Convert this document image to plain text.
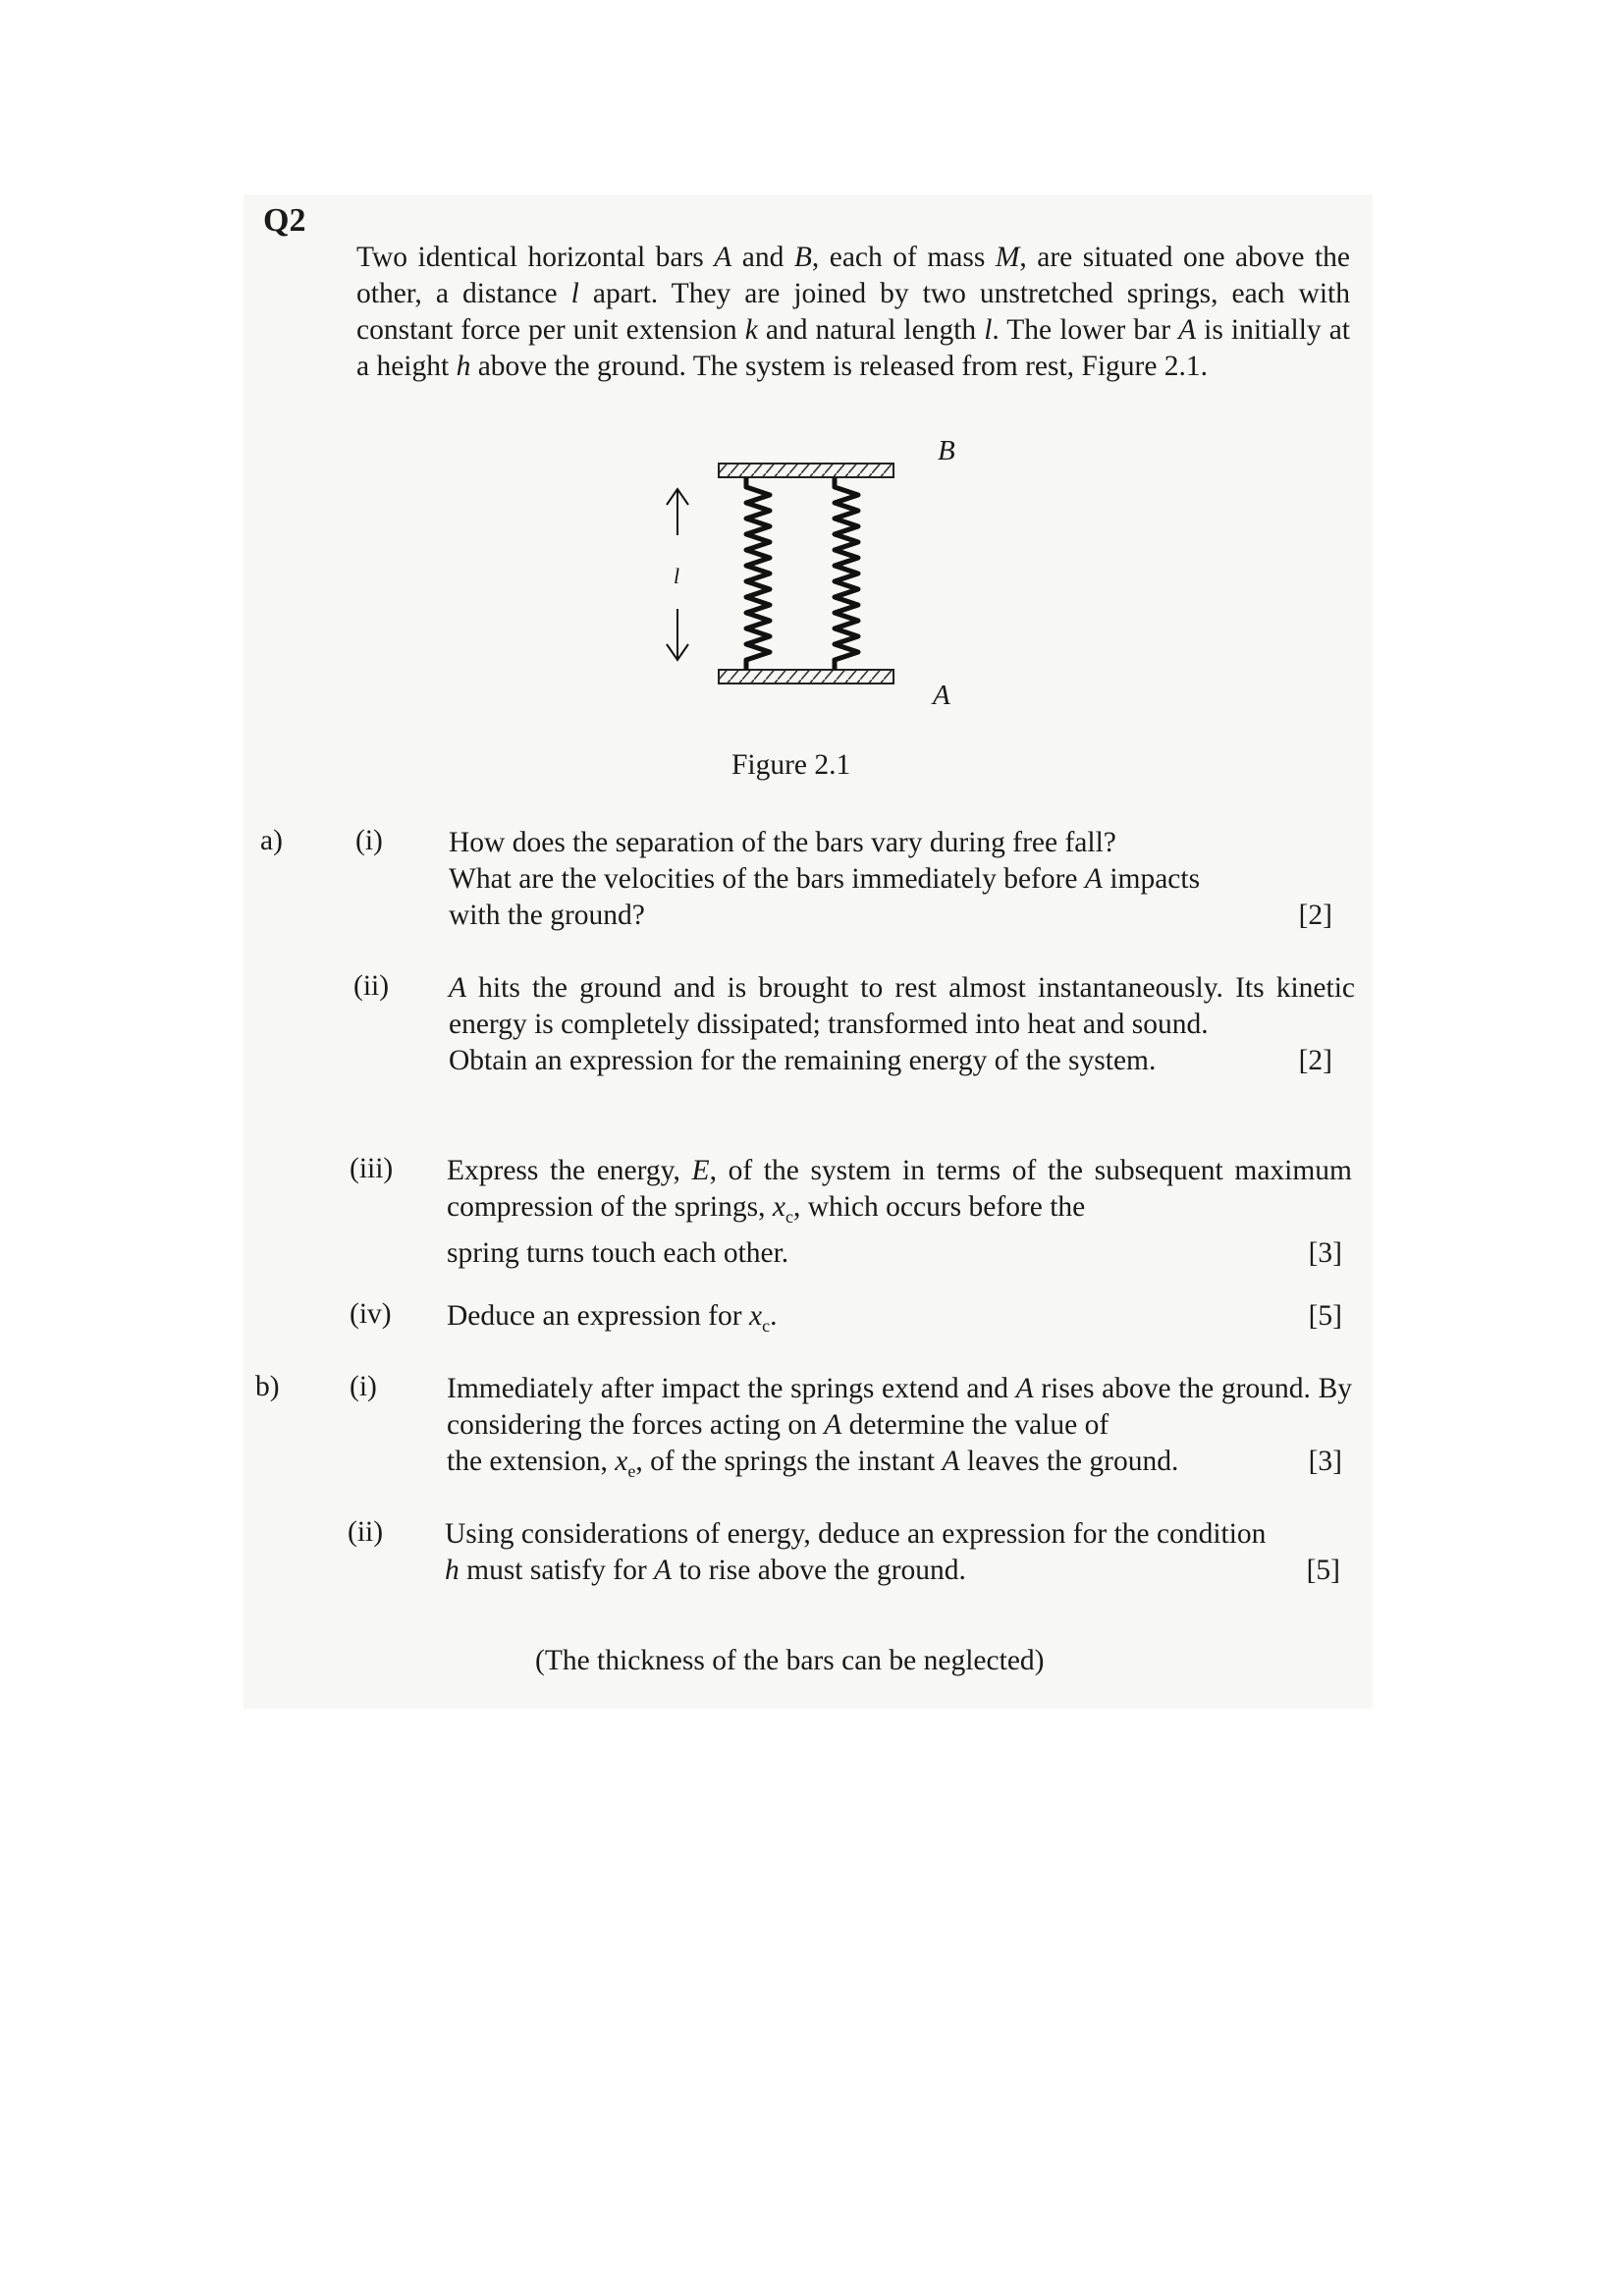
Q2
Two identical horizontal bars A and B, each of mass M, are situated one above the other, a distance l apart. They are joined by two unstretched springs, each with constant force per unit extension k and natural length l. The lower bar A is initially at a height h above the ground. The system is released from rest, Figure 2.1.
l
B
A
Figure 2.1
a)	(i) How does the separation of the bars vary during free fall?
What are the velocities of the bars immediately before A impacts
with the ground?	[2]
(ii) A hits the ground and is brought to rest almost instantaneously. Its kinetic energy is completely dissipated; transformed into heat and sound.
Obtain an expression for the remaining energy of the system.	[2]
(iii) Express the energy, E, of the system in terms of the subsequent maximum compression of the springs, $x_c$, which occurs before the
spring turns touch each other.	[3]
(iv) Deduce an expression for $x_c$.	[5]
b) (i) Immediately after impact the springs extend and A rises above the ground. By considering the forces acting on A determine the value of
the extension, $x_e$, of the springs the instant A leaves the ground.	[3]
(ii) Using considerations of energy, deduce an expression for the condition
h must satisfy for A to rise above the ground.	[5]
(The thickness of the bars can be neglected)
